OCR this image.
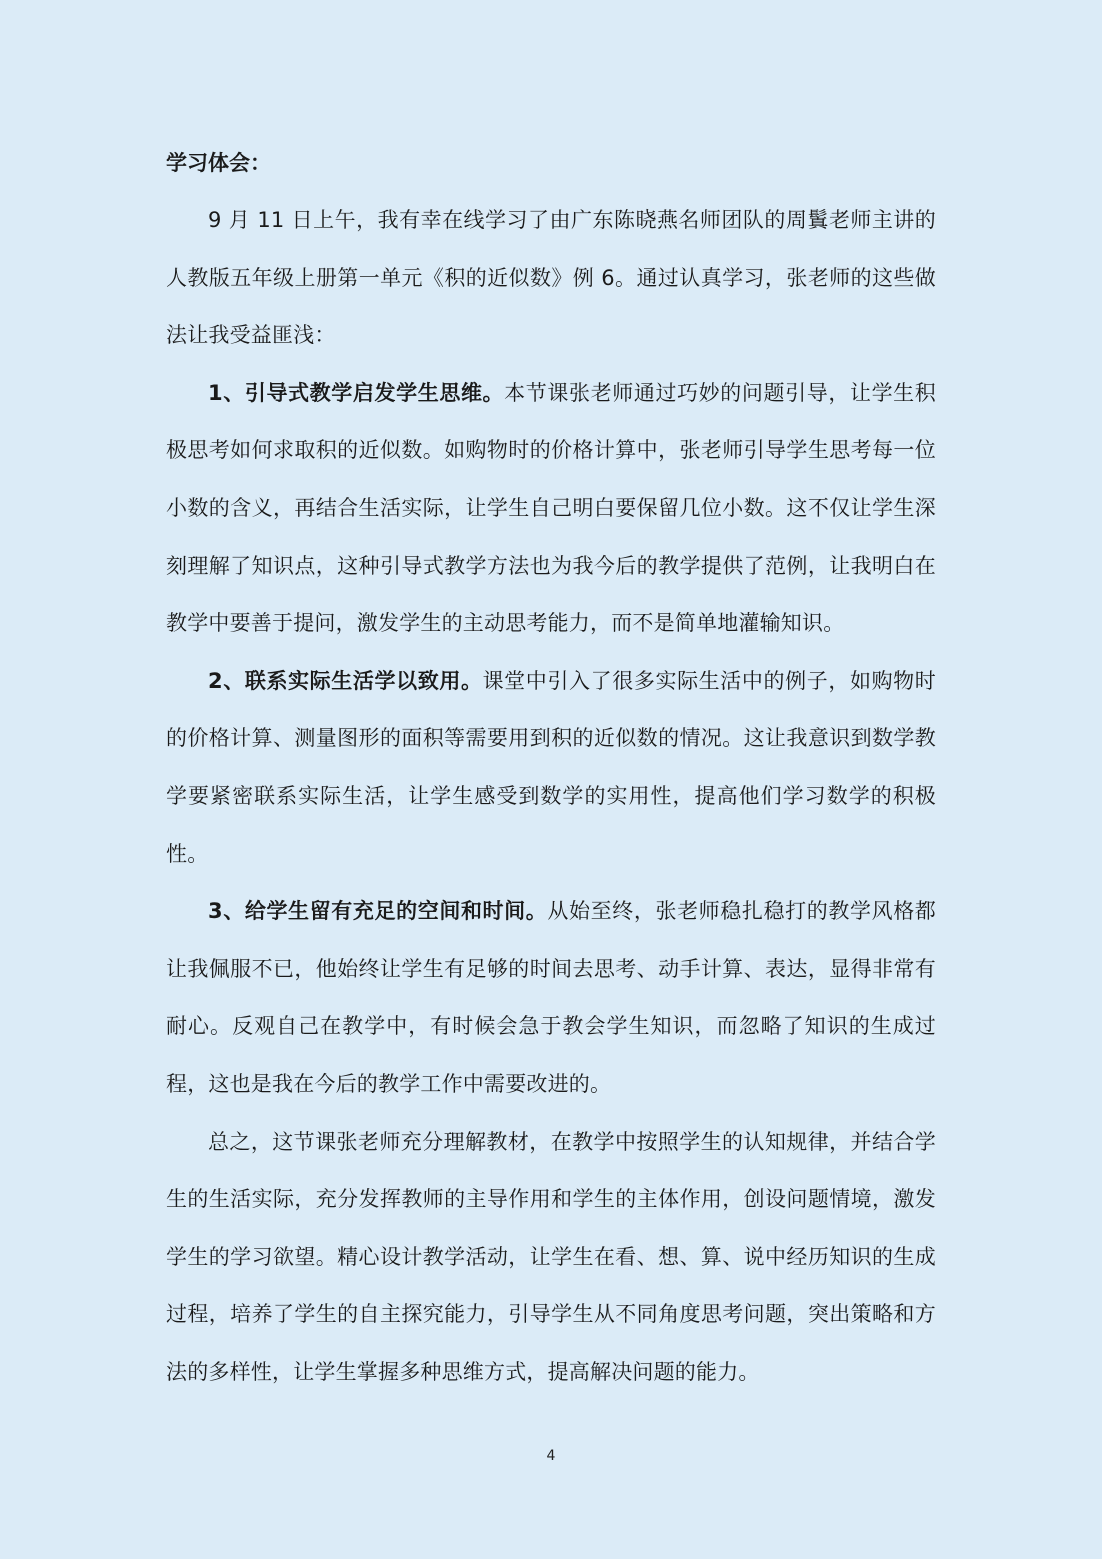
学习体会：

9 月 11 日上午，我有幸在线学习了由广东陈晓燕名师团队的周鬒老师主讲的人教版五年级上册第一单元《积的近似数》例 6。通过认真学习，张老师的这些做法让我受益匪浅：

1、引导式教学启发学生思维。本节课张老师通过巧妙的问题引导，让学生积极思考如何求取积的近似数。如购物时的价格计算中，张老师引导学生思考每一位小数的含义，再结合生活实际，让学生自己明白要保留几位小数。这不仅让学生深刻理解了知识点，这种引导式教学方法也为我今后的教学提供了范例，让我明白在教学中要善于提问，激发学生的主动思考能力，而不是简单地灌输知识。

2、联系实际生活学以致用。课堂中引入了很多实际生活中的例子，如购物时的价格计算、测量图形的面积等需要用到积的近似数的情况。这让我意识到数学教学要紧密联系实际生活，让学生感受到数学的实用性，提高他们学习数学的积极性。

3、给学生留有充足的空间和时间。从始至终，张老师稳扎稳打的教学风格都让我佩服不已，他始终让学生有足够的时间去思考、动手计算、表达，显得非常有耐心。反观自己在教学中，有时候会急于教会学生知识，而忽略了知识的生成过程，这也是我在今后的教学工作中需要改进的。

总之，这节课张老师充分理解教材，在教学中按照学生的认知规律，并结合学生的生活实际，充分发挥教师的主导作用和学生的主体作用，创设问题情境，激发学生的学习欲望。精心设计教学活动，让学生在看、想、算、说中经历知识的生成过程，培养了学生的自主探究能力，引导学生从不同角度思考问题，突出策略和方法的多样性，让学生掌握多种思维方式，提高解决问题的能力。

4
